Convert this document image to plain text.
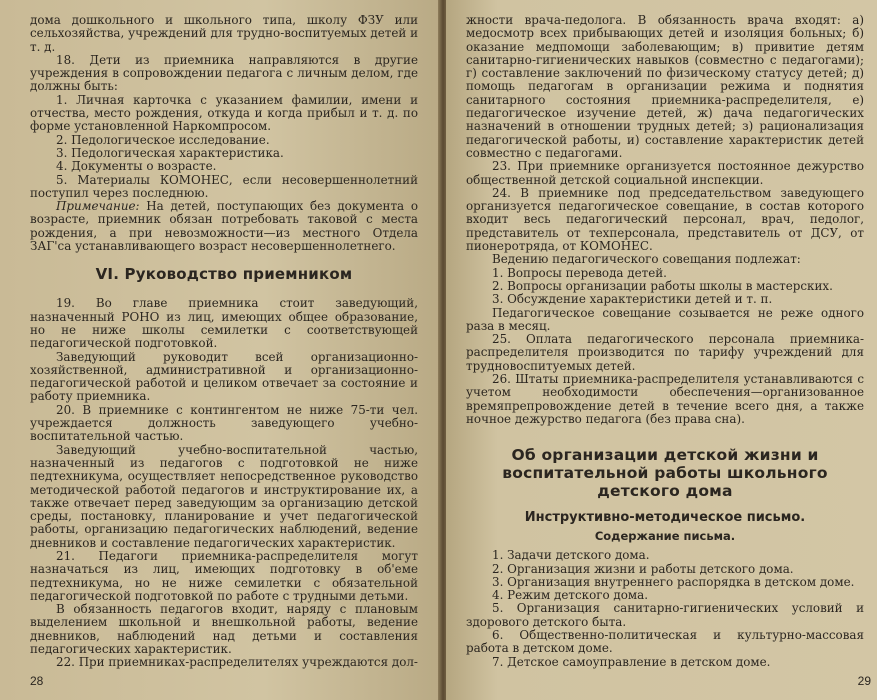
дома дошкольного и школьного типа, школу ФЗУ или сельхозяйства, учреждений для трудно-воспитуемых детей и т. д.

18. Дети из приемника направляются в другие учреждения в сопровождении педагога с личным делом, где должны быть:

1. Личная карточка с указанием фамилии, имени и отчества, место рождения, откуда и когда прибыл и т. д. по форме установленной Наркомпросом.

2. Педологическое исследование.

3. Педологическая характеристика.

4. Документы о возрасте.

5. Материалы КОМОНЕС, если несовершеннолетний поступил через последнюю.

Примечание: На детей, поступающих без документа о возрасте, приемник обязан потребовать таковой с места рождения, а при невозможности—из местного Отдела ЗАГ'са устанавливающего возраст несовершеннолетнего.

VI. Руководство приемником

19. Во главе приемника стоит заведующий, назначенный РОНО из лиц, имеющих общее образование, но не ниже школы семилетки с соответствующей педагогической подготовкой.

Заведующий руководит всей организационно-хозяйственной, административной и организационно-педагогической работой и целиком отвечает за состояние и работу приемника.

20. В приемнике с контингентом не ниже 75-ти чел. учреждается должность заведующего учебно-воспитательной частью.

Заведующий учебно-воспитательной частью, назначенный из педагогов с подготовкой не ниже педтехникума, осуществляет непосредственное руководство методической работой педагогов и инструктирование их, а также отвечает перед заведующим за организацию детской среды, постановку, планирование и учет педагогической работы, организацию педагогических наблюдений, ведение дневников и составление педагогических характеристик.

21. Педагоги приемника-распределителя могут назначаться из лиц, имеющих подготовку в об'еме педтехникума, но не ниже семилетки с обязательной педагогической подготовкой по работе с трудными детьми.

В обязанность педагогов входит, наряду с плановым выделением школьной и внешкольной работы, ведение дневников, наблюдений над детьми и составления педагогических характеристик.

22. При приемниках-распределителях учреждаются дол-

28

жности врача-педолога. В обязанность врача входят: а) медосмотр всех прибывающих детей и изоляция больных; б) оказание медпомощи заболевающим; в) привитие детям санитарно-гигиенических навыков (совместно с педагогами); г) составление заключений по физическому статусу детей; д) помощь педагогам в организации режима и поднятия санитарного состояния приемника-распределителя, е) педагогическое изучение детей, ж) дача педагогических назначений в отношении трудных детей; з) рационализация педагогической работы, и) составление характеристик детей совместно с педагогами.

23. При приемнике организуется постоянное дежурство общественной детской социальной инспекции.

24. В приемнике под председательством заведующего организуется педагогическое совещание, в состав которого входит весь педагогический персонал, врач, педолог, представитель от техперсонала, представитель от ДСУ, от пионеротряда, от КОМОНЕС.

Ведению педагогического совещания подлежат:

1. Вопросы перевода детей.

2. Вопросы организации работы школы в мастерских.

3. Обсуждение характеристики детей и т. п.

Педагогическое совещание созывается не реже одного раза в месяц.

25. Оплата педагогического персонала приемника-распределителя производится по тарифу учреждений для трудновоспитуемых детей.

26. Штаты приемника-распределителя устанавливаются с учетом необходимости обеспечения—организованное времяпрепровождение детей в течение всего дня, а также ночное дежурство педагога (без права сна).

Об организации детской жизни и воспитательной работы школьного детского дома
Инструктивно-методическое письмо.
Содержание письма.

1. Задачи детского дома.

2. Организация жизни и работы детского дома.

3. Организация внутреннего распорядка в детском доме.

4. Режим детского дома.

5. Организация санитарно-гигиенических условий и здорового детского быта.

6. Общественно-политическая и культурно-массовая работа в детском доме.

7. Детское самоуправление в детском доме.

29
